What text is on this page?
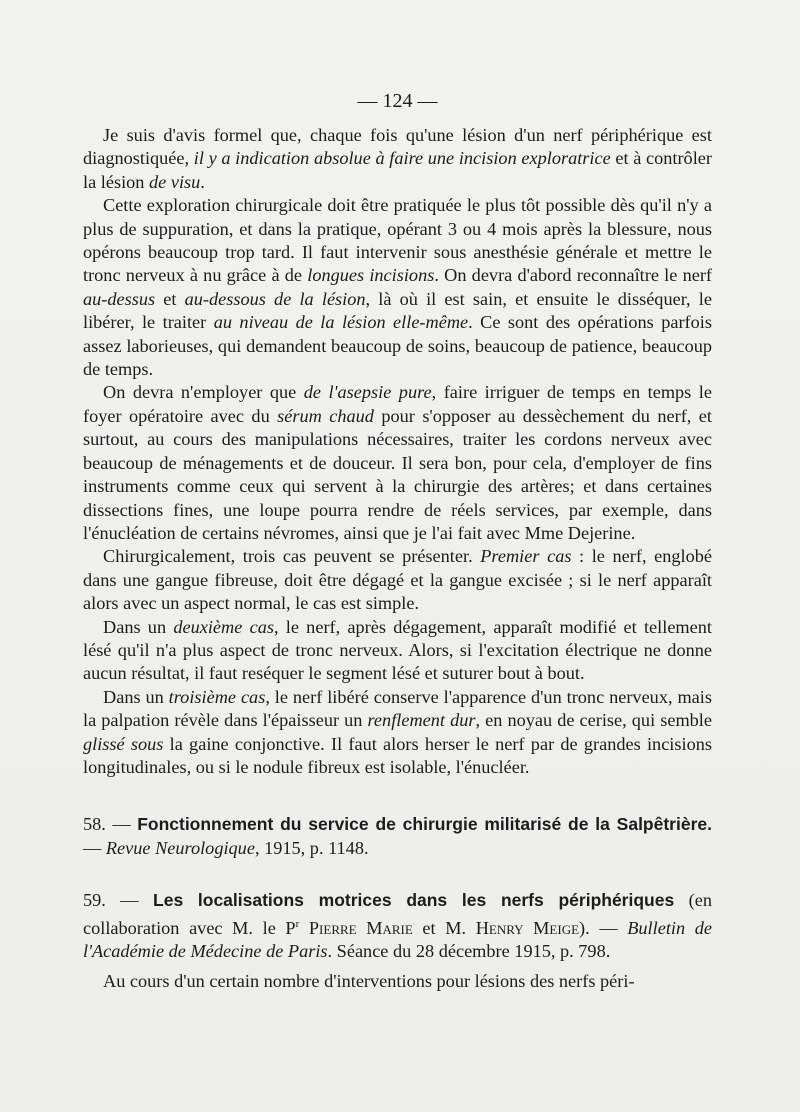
— 124 —

Je suis d'avis formel que, chaque fois qu'une lésion d'un nerf périphérique est diagnostiquée, il y a indication absolue à faire une incision exploratrice et à contrôler la lésion de visu.

Cette exploration chirurgicale doit être pratiquée le plus tôt possible dès qu'il n'y a plus de suppuration, et dans la pratique, opérant 3 ou 4 mois après la blessure, nous opérons beaucoup trop tard. Il faut intervenir sous anesthésie générale et mettre le tronc nerveux à nu grâce à de longues incisions. On devra d'abord reconnaître le nerf au-dessus et au-dessous de la lésion, là où il est sain, et ensuite le disséquer, le libérer, le traiter au niveau de la lésion elle-même. Ce sont des opérations parfois assez laborieuses, qui demandent beaucoup de soins, beaucoup de patience, beaucoup de temps.

On devra n'employer que de l'asepsie pure, faire irriguer de temps en temps le foyer opératoire avec du sérum chaud pour s'opposer au dessèchement du nerf, et surtout, au cours des manipulations nécessaires, traiter les cordons nerveux avec beaucoup de ménagements et de douceur. Il sera bon, pour cela, d'employer de fins instruments comme ceux qui servent à la chirurgie des artères; et dans certaines dissections fines, une loupe pourra rendre de réels services, par exemple, dans l'énucléation de certains névromes, ainsi que je l'ai fait avec Mme Dejerine.

Chirurgicalement, trois cas peuvent se présenter. Premier cas : le nerf, englobé dans une gangue fibreuse, doit être dégagé et la gangue excisée ; si le nerf apparaît alors avec un aspect normal, le cas est simple.

Dans un deuxième cas, le nerf, après dégagement, apparaît modifié et tellement lésé qu'il n'a plus aspect de tronc nerveux. Alors, si l'excitation électrique ne donne aucun résultat, il faut reséquer le segment lésé et suturer bout à bout.

Dans un troisième cas, le nerf libéré conserve l'apparence d'un tronc nerveux, mais la palpation révèle dans l'épaisseur un renflement dur, en noyau de cerise, qui semble glissé sous la gaine conjonctive. Il faut alors herser le nerf par de grandes incisions longitudinales, ou si le nodule fibreux est isolable, l'énucléer.

58. — Fonctionnement du service de chirurgie militarisé de la Salpêtrière. — Revue Neurologique, 1915, p. 1148.

59. — Les localisations motrices dans les nerfs périphériques (en collaboration avec M. le $P^r$ Pierre Marie et M. Henry Meige). — Bulletin de l'Académie de Médecine de Paris. Séance du 28 décembre 1915, p. 798.

Au cours d'un certain nombre d'interventions pour lésions des nerfs péri-
